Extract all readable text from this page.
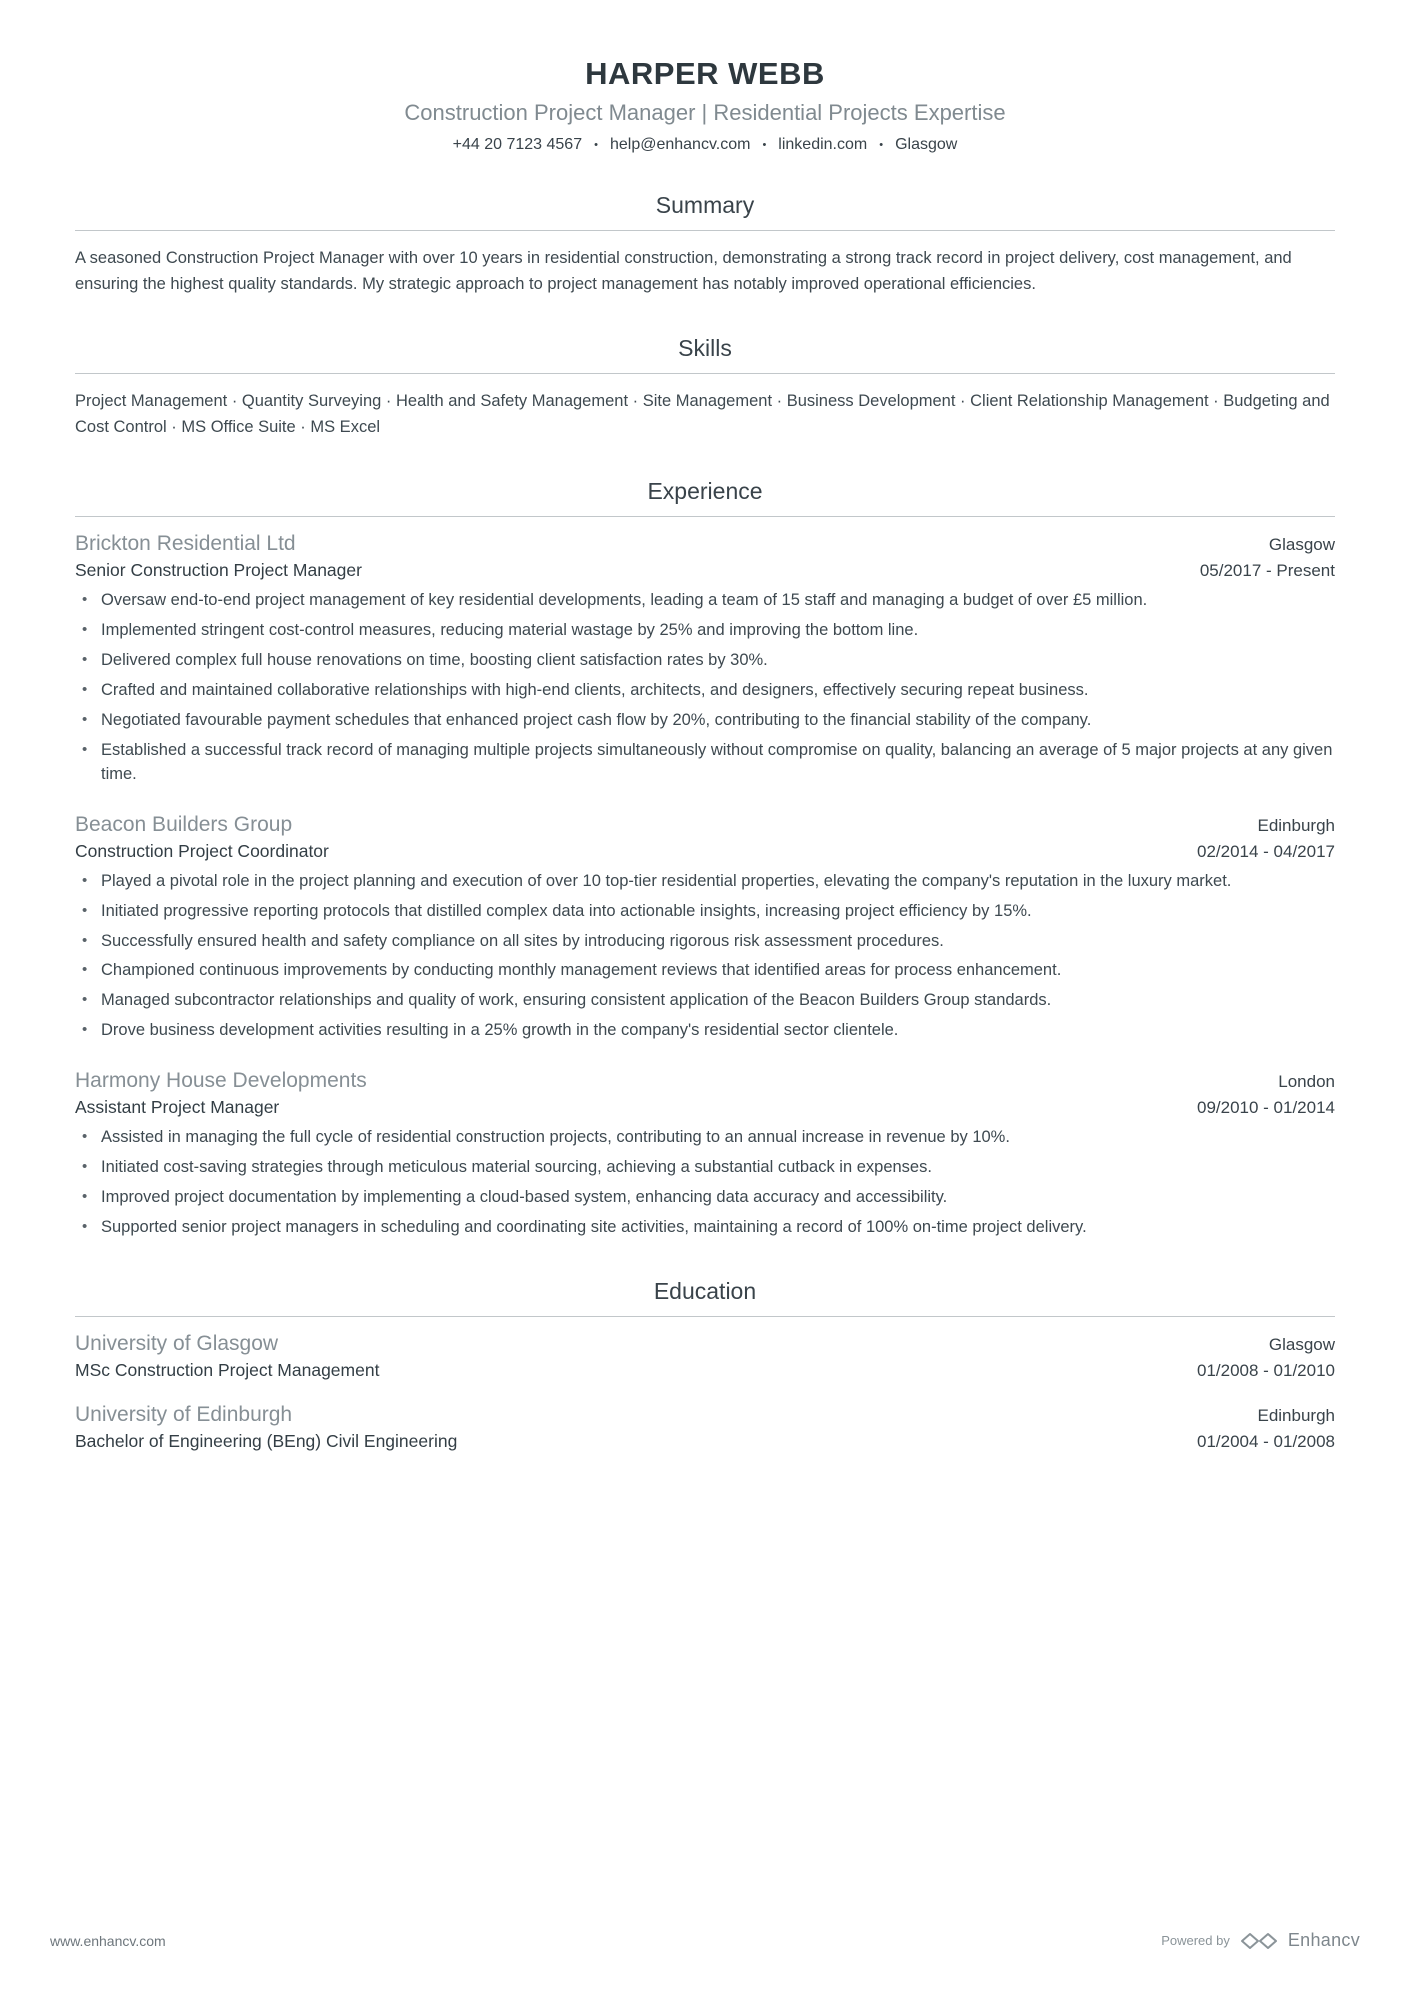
HARPER WEBB
Construction Project Manager | Residential Projects Expertise
+44 20 7123 4567 • help@enhancv.com • linkedin.com • Glasgow
Summary

A seasoned Construction Project Manager with over 10 years in residential construction, demonstrating a strong track record in project delivery, cost management, and ensuring the highest quality standards. My strategic approach to project management has notably improved operational efficiencies.

Skills

Project Management · Quantity Surveying · Health and Safety Management · Site Management · Business Development · Client Relationship Management · Budgeting and Cost Control · MS Office Suite · MS Excel

Experience
Brickton Residential Ltd	Glasgow
Senior Construction Project Manager	05/2017 - Present
• Oversaw end-to-end project management of key residential developments, leading a team of 15 staff and managing a budget of over £5 million.
• Implemented stringent cost-control measures, reducing material wastage by 25% and improving the bottom line.
• Delivered complex full house renovations on time, boosting client satisfaction rates by 30%.
• Crafted and maintained collaborative relationships with high-end clients, architects, and designers, effectively securing repeat business.
• Negotiated favourable payment schedules that enhanced project cash flow by 20%, contributing to the financial stability of the company.
• Established a successful track record of managing multiple projects simultaneously without compromise on quality, balancing an average of 5 major projects at any given time.
Beacon Builders Group	Edinburgh
Construction Project Coordinator	02/2014 - 04/2017
• Played a pivotal role in the project planning and execution of over 10 top-tier residential properties, elevating the company's reputation in the luxury market.
• Initiated progressive reporting protocols that distilled complex data into actionable insights, increasing project efficiency by 15%.
• Successfully ensured health and safety compliance on all sites by introducing rigorous risk assessment procedures.
• Championed continuous improvements by conducting monthly management reviews that identified areas for process enhancement.
• Managed subcontractor relationships and quality of work, ensuring consistent application of the Beacon Builders Group standards.
• Drove business development activities resulting in a 25% growth in the company's residential sector clientele.
Harmony House Developments	London
Assistant Project Manager	09/2010 - 01/2014
• Assisted in managing the full cycle of residential construction projects, contributing to an annual increase in revenue by 10%.
• Initiated cost-saving strategies through meticulous material sourcing, achieving a substantial cutback in expenses.
• Improved project documentation by implementing a cloud-based system, enhancing data accuracy and accessibility.
• Supported senior project managers in scheduling and coordinating site activities, maintaining a record of 100% on-time project delivery.
Education
University of Glasgow	Glasgow
MSc Construction Project Management	01/2008 - 01/2010
University of Edinburgh	Edinburgh
Bachelor of Engineering (BEng) Civil Engineering	01/2004 - 01/2008
www.enhancv.com	Powered by	Enhancv
